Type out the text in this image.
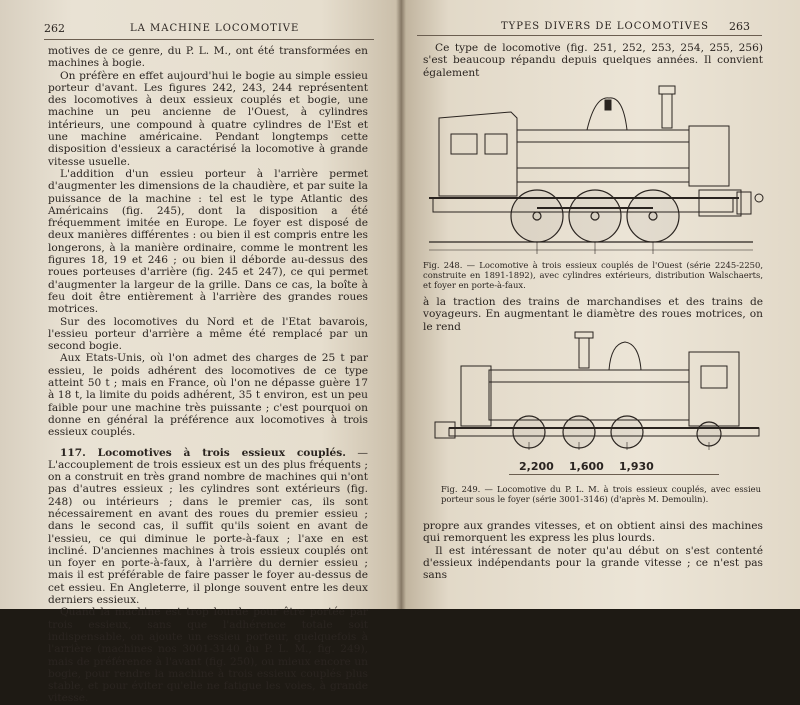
262	LA MACHINE LOCOMOTIVE

motives de ce genre, du P. L. M., ont été transformées en machines à bogie.

On préfère en effet aujourd'hui le bogie au simple essieu porteur d'avant. Les figures 242, 243, 244 représentent des locomotives à deux essieux couplés et bogie, une machine un peu ancienne de l'Ouest, à cylindres intérieurs, une compound à quatre cylindres de l'Est et une machine américaine. Pendant longtemps cette disposition d'essieux a caractérisé la locomotive à grande vitesse usuelle.

L'addition d'un essieu porteur à l'arrière permet d'augmenter les dimensions de la chaudière, et par suite la puissance de la machine : tel est le type Atlantic des Américains (fig. 245), dont la disposition a été fréquemment imitée en Europe. Le foyer est disposé de deux manières différentes : ou bien il est compris entre les longerons, à la manière ordinaire, comme le montrent les figures 18, 19 et 246 ; ou bien il déborde au-dessus des roues porteuses d'arrière (fig. 245 et 247), ce qui permet d'augmenter la largeur de la grille. Dans ce cas, la boîte à feu doit être entièrement à l'arrière des grandes roues motrices.

Sur des locomotives du Nord et de l'Etat bavarois, l'essieu porteur d'arrière a même été remplacé par un second bogie.

Aux Etats-Unis, où l'on admet des charges de 25 t par essieu, le poids adhérent des locomotives de ce type atteint 50 t ; mais en France, où l'on ne dépasse guère 17 à 18 t, la limite du poids adhérent, 35 t environ, est un peu faible pour une machine très puissante ; c'est pourquoi on donne en général la préférence aux locomotives à trois essieux couplés.

117. Locomotives à trois essieux couplés. — L'accouplement de trois essieux est un des plus fréquents ; on a construit en très grand nombre de machines qui n'ont pas d'autres essieux ; les cylindres sont extérieurs (fig. 248) ou intérieurs ; dans le premier cas, ils sont nécessairement en avant des roues du premier essieu ; dans le second cas, il suffit qu'ils soient en avant de l'essieu, ce qui diminue le porte-à-faux ; l'axe en est incliné. D'anciennes machines à trois essieux couplés ont un foyer en porte-à-faux, à l'arrière du dernier essieu ; mais il est préférable de faire passer le foyer au-dessus de cet essieu. En Angleterre, il plonge souvent entre les deux derniers essieux.

Quand la machine est trop lourde pour être portée par trois essieux, sans que l'adhérence totale soit indispensable, on ajoute un essieu porteur, quelquefois à l'arrière (machines nos 3001-3140 du P. L. M., fig. 249), mais de préférence à l'avant (fig. 250), ou mieux encore un bogie, pour rendre la machine à trois essieux couplés plus stable, et pour éviter qu'elle ne fatigue les voies, à grande vitesse.

TYPES DIVERS DE LOCOMOTIVES 263

Ce type de locomotive (fig. 251, 252, 253, 254, 255, 256) s'est beaucoup répandu depuis quelques années. Il convient également

Fig. 248. — Locomotive à trois essieux couplés de l'Ouest (série 2245-2250, construite en 1891-1892), avec cylindres extérieurs, distribution Walschaerts, et foyer en porte-à-faux.

à la traction des trains de marchandises et des trains de voyageurs. En augmentant le diamètre des roues motrices, on le rend

2,200 1,600 1,930
Fig. 249. — Locomotive du P. L. M. à trois essieux couplés, avec essieu porteur sous le foyer (série 3001-3146) (d'après M. Demoulin).

propre aux grandes vitesses, et on obtient ainsi des machines qui remorquent les express les plus lourds.

Il est intéressant de noter qu'au début on s'est contenté d'essieux indépendants pour la grande vitesse ; ce n'est pas sans
